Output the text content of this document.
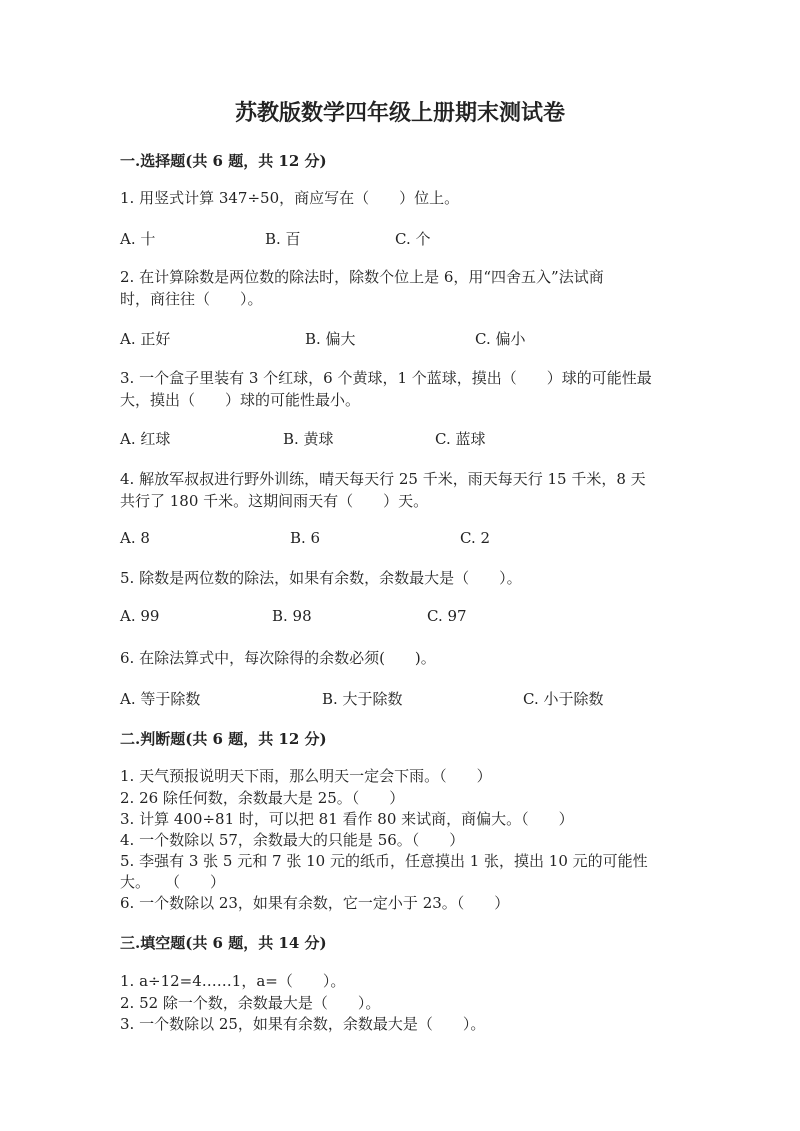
苏教版数学四年级上册期末测试卷
一.选择题(共 6 题，共 12 分)
1. 用竖式计算 347÷50，商应写在（　　）位上。
A. 十	B. 百	C. 个
2. 在计算除数是两位数的除法时，除数个位上是 6，用“四舍五入”法试商
时，商往往（　　）。
A. 正好	B. 偏大	C. 偏小
3. 一个盒子里装有 3 个红球，6 个黄球，1 个蓝球，摸出（　　）球的可能性最
大，摸出（　　）球的可能性最小。
A. 红球	B. 黄球	C. 蓝球
4. 解放军叔叔进行野外训练，晴天每天行 25 千米，雨天每天行 15 千米，8 天
共行了 180 千米。这期间雨天有（　　）天。
A. 8	B. 6	C. 2
5. 除数是两位数的除法，如果有余数，余数最大是（　　）。
A. 99	B. 98	C. 97
6. 在除法算式中，每次除得的余数必须(　　)。
A. 等于除数	B. 大于除数	C. 小于除数
二.判断题(共 6 题，共 12 分)
1. 天气预报说明天下雨，那么明天一定会下雨。（　　）
2. 26 除任何数，余数最大是 25。（　　）
3. 计算 400÷81 时，可以把 81 看作 80 来试商，商偏大。（　　）
4. 一个数除以 57，余数最大的只能是 56。（　　）
5. 李强有 3 张 5 元和 7 张 10 元的纸币，任意摸出 1 张，摸出 10 元的可能性
大。　　（　　）
6. 一个数除以 23，如果有余数，它一定小于 23。（　　）
三.填空题(共 6 题，共 14 分)
1. a÷12=4……1，a=（　　）。
2. 52 除一个数，余数最大是（　　）。
3. 一个数除以 25，如果有余数，余数最大是（　　）。
